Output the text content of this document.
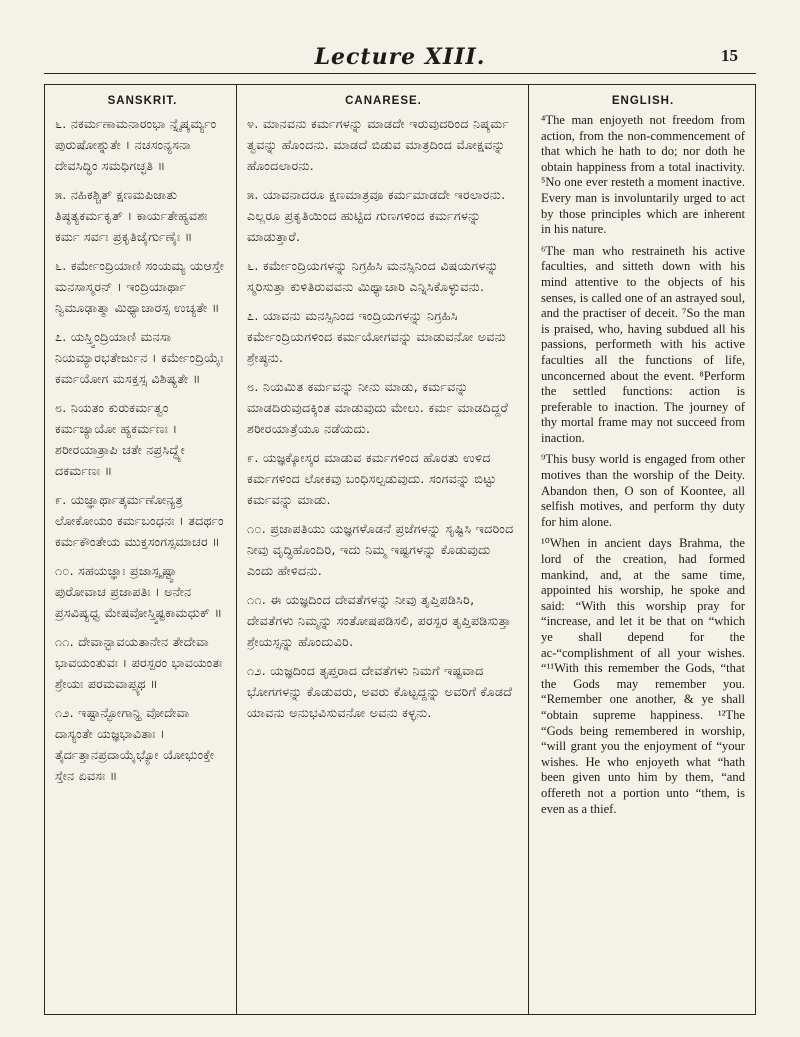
Lecture XIII.	15
SANSKRIT.

೬. ನಕರ್ಮಣಾಮನಾರಂಭಾ ನ್ನೈಷ್ಕರ್ಮ್ಯಂ ಪುರುಷೋಶ್ನುತೇ । ನಚಸಂನ್ಯಸನಾ ದೇವಸಿದ್ಧಿಂ ಸಮಧಿಗಚ್ಛತಿ ॥

೫. ನಹಿಕಶ್ಚಿತ್ ಕ್ಷಣಮಪಿಜಾತು ತಿಷ್ಠತ್ಯಕರ್ಮಕೃತ್ । ಕಾರ್ಯತೇಹ್ಯವಶಃ ಕರ್ಮ ಸರ್ವಃ ಪ್ರಕೃತಿಜೈರ್ಗುಣೈಃ ॥

೬. ಕರ್ಮೇಂದ್ರಿಯಾಣಿ ಸಂಯಮ್ಯ ಯಆಸ್ತೇ ಮನಸಾಸ್ಮರನ್ । ಇಂದ್ರಿಯಾರ್ಥಾ ನ್ವಿಮೂಢಾತ್ಮಾ ಮಿಥ್ಯಾಚಾರಸ್ಸ ಉಚ್ಯತೇ ॥

೭. ಯಸ್ತ್ವಿಂದ್ರಿಯಾಣಿ ಮನಸಾ ನಿಯಮ್ಯಾರಭತೇರ್ಜುನ । ಕರ್ಮೇಂದ್ರಿಯೈಃ ಕರ್ಮಯೋಗ ಮಸಕ್ತಸ್ಸ ವಿಶಿಷ್ಯತೇ ॥

೮. ನಿಯತಂ ಕುರುಕರ್ಮತ್ವಂ ಕರ್ಮಜ್ಯಾಯೋ ಹ್ಯಕರ್ಮಣಃ । ಶರೀರಯಾತ್ರಾಪಿ ಚತೇ ನಪ್ರಸಿದ್ಧ್ಯೇ ದಕರ್ಮಣಃ ॥

೯. ಯಜ್ಞಾರ್ಥಾತ್ಕರ್ಮಣೋನ್ಯತ್ರ ಲೋಕೋಯಂ ಕರ್ಮಬಂಧನಃ । ತದರ್ಥಂ ಕರ್ಮಕೌಂತೇಯ ಮುಕ್ತಸಂಗಸ್ಸಮಾಚರ ॥

೧೦. ಸಹಯಜ್ಞಾಃ ಪ್ರಜಾಸ್ಸೃಷ್ಟ್ವಾ ಪುರೋವಾಚ ಪ್ರಜಾಪತಿಃ । ಅನೇನ ಪ್ರಸವಿಷ್ಯಧ್ವ ಮೇಷವೋಸ್ತ್ವಿಷ್ಟಕಾಮಧುಕ್ ॥

೧೧. ದೇವಾನ್ಭಾವಯತಾನೇನ ತೇದೇವಾ ಭಾವಯಂತುವಃ । ಪರಸ್ಪರಂ ಭಾವಯಂತಃ ಶ್ರೇಯಃ ಪರಮವಾಪ್ಸ್ಯಥ ॥

೧೨. ಇಷ್ಟಾನ್ಭೋಗಾನ್ಹಿ ವೋದೇವಾ ದಾಸ್ಯಂತೇ ಯಜ್ಞಭಾವಿತಾಃ । ತೈರ್ದತ್ತಾನಪ್ರದಾಯೈಭ್ಯೋ ಯೋಭುಂಕ್ತೇ ಸ್ತೇನ ಏವಸಃ ॥

CANARESE.

೪. ಮಾನವನು ಕರ್ಮಗಳನ್ನು ಮಾಡದೇ ಇರುವುದರಿಂದ ನಿಷ್ಕರ್ಮ ತ್ವವನ್ನು ಹೊಂದನು. ಮಾಡದೆ ಬಿಡುವ ಮಾತ್ರದಿಂದ ಮೋಕ್ಷವನ್ನು ಹೊಂದಲಾರನು.

೫. ಯಾವನಾದರೂ ಕ್ಷಣಮಾತ್ರವೂ ಕರ್ಮಮಾಡದೇ ಇರಲಾರನು. ಎಲ್ಲರೂ ಪ್ರಕೃತಿಯಿಂದ ಹುಟ್ಟಿದ ಗುಣಗಳಿಂದ ಕರ್ಮಗಳನ್ನು ಮಾಡುತ್ತಾರೆ.

೬. ಕರ್ಮೇಂದ್ರಿಯಗಳನ್ನು ನಿಗ್ರಹಿಸಿ ಮನಸ್ಸಿನಿಂದ ವಿಷಯಗಳನ್ನು ಸ್ಮರಿಸುತ್ತಾ ಕುಳಿತಿರುವವನು ಮಿಥ್ಯಾಚಾರಿ ಎನ್ನಿಸಿಕೊಳ್ಳುವನು.

೭. ಯಾವನು ಮನಸ್ಸಿನಿಂದ ಇಂದ್ರಿಯಗಳನ್ನು ನಿಗ್ರಹಿಸಿ ಕರ್ಮೇಂದ್ರಿಯಗಳಿಂದ ಕರ್ಮಯೋಗವನ್ನು ಮಾಡುವನೋ ಅವನು ಶ್ರೇಷ್ಠನು.

೮. ನಿಯಮಿತ ಕರ್ಮವನ್ನು ನೀನು ಮಾಡು, ಕರ್ಮವನ್ನು ಮಾಡದಿರುವುದಕ್ಕಿಂತ ಮಾಡುವುದು ಮೇಲು. ಕರ್ಮ ಮಾಡದಿದ್ದರೆ ಶರೀರಯಾತ್ರೆಯೂ ನಡೆಯದು.

೯. ಯಜ್ಞಕ್ಕೋಸ್ಕರ ಮಾಡುವ ಕರ್ಮಗಳಿಂದ ಹೊರತು ಉಳಿದ ಕರ್ಮಗಳಿಂದ ಲೋಕವು ಬಂಧಿಸಲ್ಪಡುವುದು. ಸಂಗವನ್ನು ಬಿಟ್ಟು ಕರ್ಮವನ್ನು ಮಾಡು.

೧೦. ಪ್ರಜಾಪತಿಯು ಯಜ್ಞಗಳೊಡನೆ ಪ್ರಜೆಗಳನ್ನು ಸೃಷ್ಟಿಸಿ ಇದರಿಂದ ನೀವು ವೃದ್ಧಿಹೊಂದಿರಿ, ಇದು ನಿಮ್ಮ ಇಷ್ಟಗಳನ್ನು ಕೊಡುವುದು ಎಂದು ಹೇಳಿದನು.

೧೧. ಈ ಯಜ್ಞದಿಂದ ದೇವತೆಗಳನ್ನು ನೀವು ತೃಪ್ತಿಪಡಿಸಿರಿ, ದೇವತೆಗಳು ನಿಮ್ಮನ್ನು ಸಂತೋಷಪಡಿಸಲಿ, ಪರಸ್ಪರ ತೃಪ್ತಿಪಡಿಸುತ್ತಾ ಶ್ರೇಯಸ್ಸನ್ನು ಹೊಂದುವಿರಿ.

೧೨. ಯಜ್ಞದಿಂದ ತೃಪ್ತರಾದ ದೇವತೆಗಳು ನಿಮಗೆ ಇಷ್ಟವಾದ ಭೋಗಗಳನ್ನು ಕೊಡುವರು, ಅವರು ಕೊಟ್ಟದ್ದನ್ನು ಅವರಿಗೆ ಕೊಡದೆ ಯಾವನು ಅನುಭವಿಸುವನೋ ಅವನು ಕಳ್ಳನು.

ENGLISH.

⁴The man enjoyeth not freedom from action, from the non-commencement of that which he hath to do; nor doth he obtain happiness from a total inactivity. ⁵No one ever resteth a moment inactive. Every man is involuntarily urged to act by those principles which are inherent in his nature.

⁶The man who restraineth his active faculties, and sitteth down with his mind attentive to the objects of his senses, is called one of an astrayed soul, and the practiser of deceit. ⁷So the man is praised, who, having subdued all his passions, performeth with his active faculties all the functions of life, unconcerned about the event. ⁸Perform the settled functions: action is preferable to inaction. The journey of thy mortal frame may not succeed from inaction.

⁹This busy world is engaged from other motives than the worship of the Deity. Abandon then, O son of Koontee, all selfish motives, and perform thy duty for him alone.

¹⁰When in ancient days Brahma, the lord of the creation, had formed mankind, and, at the same time, appointed his worship, he spoke and said: “With this worship pray for “increase, and let it be that on “which ye shall depend for the ac-“complishment of all your wishes. “¹¹With this remember the Gods, “that the Gods may remember you. “Remember one another, & ye shall “obtain supreme happiness. ¹²The “Gods being remembered in worship, “will grant you the enjoyment of “your wishes. He who enjoyeth what “hath been given unto him by them, “and offereth not a portion unto “them, is even as a thief.
